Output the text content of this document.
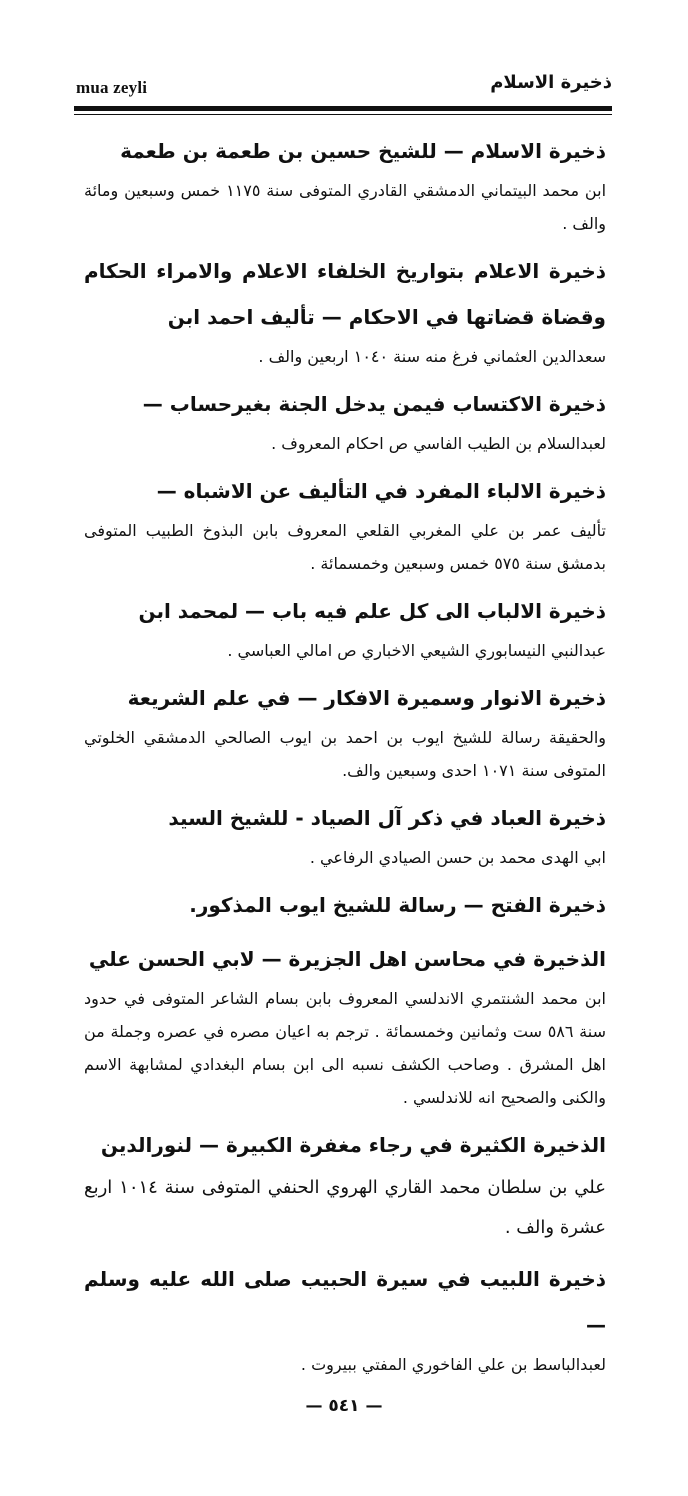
mua zeyli	ذخيرة الاسلام

ذخيرة الاسلام — للشيخ حسين بن طعمة بن طعمة

ابن محمد البيتماني الدمشقي القادري المتوفى سنة ١١٧٥ خمس وسبعين ومائة والف .

ذخيرة الاعلام بتواريخ الخلفاء الاعلام والامراء الحكام وقضاة قضاتها في الاحكام — تأليف احمد ابن

سعدالدين العثماني فرغ منه سنة ١٠٤٠ اربعين والف .

ذخيرة الاكتساب فيمن يدخل الجنة بغيرحساب —

لعبدالسلام بن الطيب الفاسي ص احكام المعروف .

ذخيرة الالباء المفرد في التأليف عن الاشباه —

تأليف عمر بن علي المغربي القلعي المعروف بابن البذوخ الطبيب المتوفى بدمشق سنة ٥٧٥ خمس وسبعين وخمسمائة .

ذخيرة الالباب الى كل علم فيه باب — لمحمد ابن

عبدالنبي النيسابوري الشيعي الاخباري ص امالي العباسي .

ذخيرة الانوار وسميرة الافكار — في علم الشريعة

والحقيقة رسالة للشيخ ايوب بن احمد بن ايوب الصالحي الدمشقي الخلوتي المتوفى سنة ١٠٧١ احدى وسبعين والف.

ذخيرة العباد في ذكر آل الصياد - للشيخ السيد

ابي الهدى محمد بن حسن الصيادي الرفاعي .

ذخيرة الفتح — رسالة للشيخ ايوب المذكور.

الذخيرة في محاسن اهل الجزيرة — لابي الحسن علي

ابن محمد الشنتمري الاندلسي المعروف بابن بسام الشاعر المتوفى في حدود سنة ٥٨٦ ست وثمانين وخمسمائة . ترجم به اعيان مصره في عصره وجملة من اهل المشرق . وصاحب الكشف نسبه الى ابن بسام البغدادي لمشابهة الاسم والكنى والصحيح انه للاندلسي .

الذخيرة الكثيرة في رجاء مغفرة الكبيرة — لنورالدين

علي بن سلطان محمد القاري الهروي الحنفي المتوفى سنة ١٠١٤ اربع عشرة والف .

ذخيرة اللبيب في سيرة الحبيب صلى الله عليه وسلم —

لعبدالباسط بن علي الفاخوري المفتي ببيروت .

— ٥٤١ —
